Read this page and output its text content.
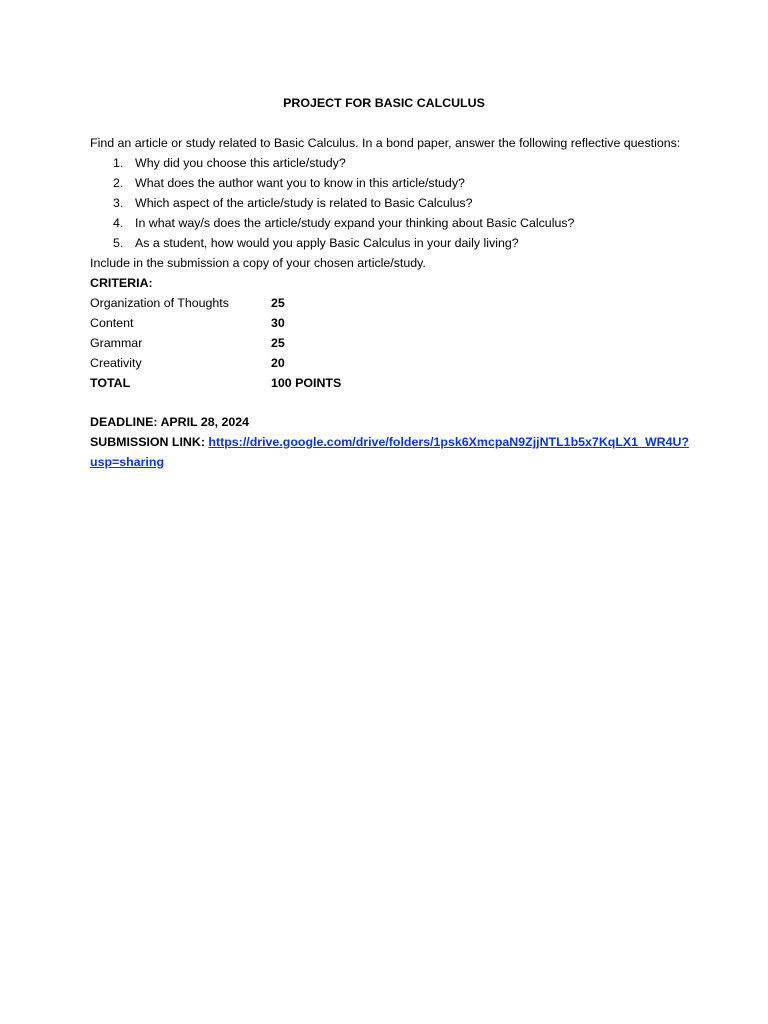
PROJECT FOR BASIC CALCULUS

Find an article or study related to Basic Calculus. In a bond paper, answer the following reflective questions:

1. Why did you choose this article/study?
2. What does the author want you to know in this article/study?
3. Which aspect of the article/study is related to Basic Calculus?
4. In what way/s does the article/study expand your thinking about Basic Calculus?
5. As a student, how would you apply Basic Calculus in your daily living?
Include in the submission a copy of your chosen article/study.
CRITERIA:
Organization of Thoughts	25
Content	30
Grammar	25
Creativity	20
TOTAL	100 POINTS
DEADLINE: APRIL 28, 2024
SUBMISSION LINK: https://drive.google.com/drive/folders/1psk6XmcpaN9ZjjNTL1b5x7KqLX1_WR4U?
usp=sharing
